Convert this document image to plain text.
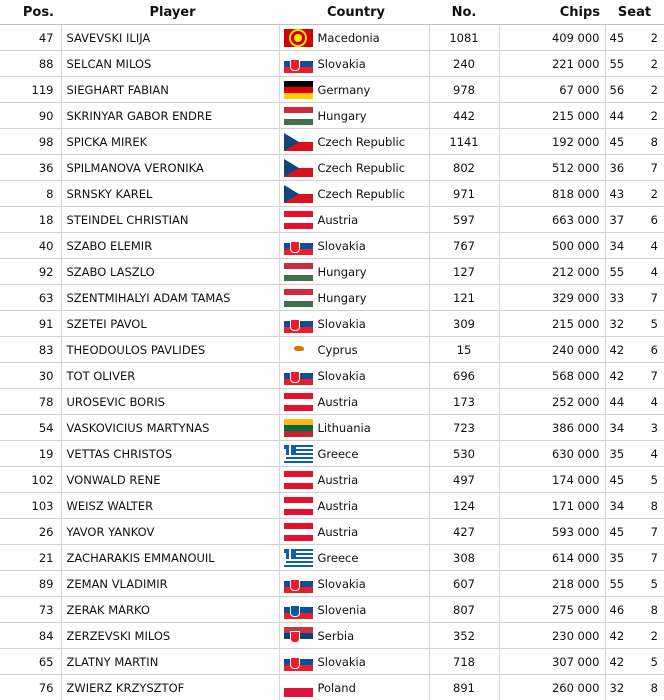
Pos.	Player	Country	No.	Chips	Seat
47	SAVEVSKI ILIJA	Macedonia	1081	409 000	45 2

88	SELCAN MILOS	Slovakia	240	221 000	55 2

119	SIEGHART FABIAN	Germany	978	67 000	56 2

90	SKRINYAR GABOR ENDRE	Hungary	442	215 000	44 2

98	SPICKA MIREK	Czech Republic	1141	192 000	45 8

36	SPILMANOVA VERONIKA	Czech Republic	802	512 000	36 7

8	SRNSKY KAREL	Czech Republic	971	818 000	43 2

18	STEINDEL CHRISTIAN	Austria	597	663 000	37 6

40	SZABO ELEMIR	Slovakia	767	500 000	34 4

92	SZABO LASZLO	Hungary	127	212 000	55 4

63	SZENTMIHALYI ADAM TAMAS	Hungary	121	329 000	33 7

91	SZETEI PAVOL	Slovakia	309	215 000	32 5

83	THEODOULOS PAVLIDES	Cyprus	15	240 000	42 6

30	TOT OLIVER	Slovakia	696	568 000	42 7

78	UROSEVIC BORIS	Austria	173	252 000	44 4

54	VASKOVICIUS MARTYNAS	Lithuania	723	386 000	34 3

19	VETTAS CHRISTOS	Greece	530	630 000	35 4

102	VONWALD RENE	Austria	497	174 000	45 5

103	WEISZ WALTER	Austria	124	171 000	34 8

26	YAVOR YANKOV	Austria	427	593 000	45 7

21	ZACHARAKIS EMMANOUIL	Greece	308	614 000	35 7

89	ZEMAN VLADIMIR	Slovakia	607	218 000	55 5

73	ZERAK MARKO	Slovenia	807	275 000	46 8

84	ZERZEVSKI MILOS	Serbia	352	230 000	42 2

65	ZLATNY MARTIN	Slovakia	718	307 000	42 5

76	ZWIERZ KRZYSZTOF	Poland	891	260 000	32 8
